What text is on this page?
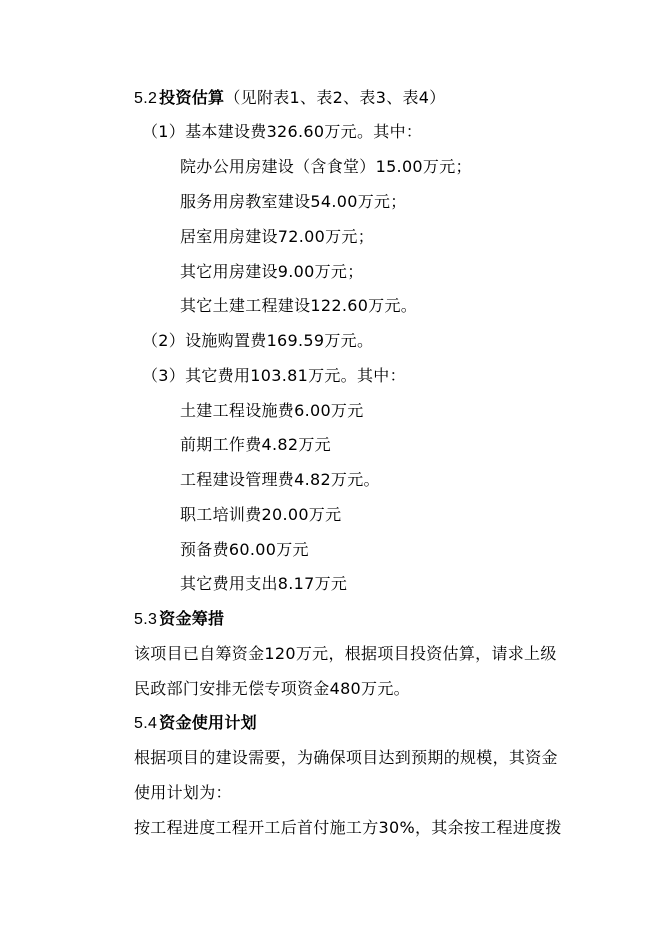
5.2 投资估算（见附表1、表2、表3、表4）
（1）基本建设费326.60万元。其中：
院办公用房建设（含食堂）15.00万元；
服务用房教室建设54.00万元；
居室用房建设72.00万元；
其它用房建设9.00万元；
其它土建工程建设122.60万元。
（2）设施购置费169.59万元。
（3）其它费用103.81万元。其中：
土建工程设施费6.00万元
前期工作费4.82万元
工程建设管理费4.82万元。
职工培训费20.00万元
预备费60.00万元
其它费用支出8.17万元
5.3 资金筹措
该项目已自筹资金120万元，根据项目投资估算，请求上级
民政部门安排无偿专项资金480万元。
5.4 资金使用计划
根据项目的建设需要，为确保项目达到预期的规模，其资金
使用计划为：
按工程进度工程开工后首付施工方30%，其余按工程进度拨
